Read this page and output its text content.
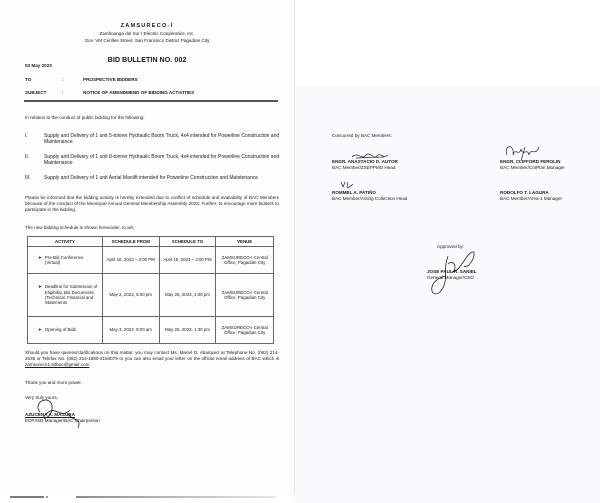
ZAMSURECO-I
Zamboanga del Sur I Electric Cooperative, Inc.
Gov. VM Cerilles Street, San Francisco District Pagadian City
BID BULLETIN NO. 002
03 May 2023
TO	:	PROSPECTIVE BIDDERS
SUBJECT	:	NOTICE OF AMENDMEND OF BIDDING ACTIVITIES
In relation to the conduct of public bidding for the following:
I.	Supply and Delivery of 1 unit 5-tonner Hydraulic Boom Truck, 4x4 intended for Powerline Construction and Maintenance
II.	Supply and Delivery of 1 unit 8-tonner Hydraulic Boom Truck, 4x4 intended for Powerline Construction and Maintenance
III.	Supply and Delivery of 1 unit Aerial Manlift intended for Powerline Construction and Maintenance
Please be informed that the bidding activity is hereby extended due to conflict of schedule and availability of BAC Members because of the conduct of the Municipal Annual General Membership Assembly 2023. Further, to encourage more bidders to participate in the bidding.
The new bidding schedule is shown hereunder, to wit;
ACTIVITY	SCHEDULE FROM	SCHEDULE TO	VENUE

➤ Pre-Bid Conference (Virtual)	April 18, 2023 – 3:00 PM	April 18, 2023 – 3:00 PM	ZAMSURECO-I Central Office, Pagadian City

➤ Deadline for Submission of Eligibility, Bid Documents (Technical, Financial and Statements	May 2, 2023, 5:00 pm	May 26, 2023, 1:00 pm	ZAMSURECO-I Central Office, Pagadian City

➤ Opening of Bids	May 3, 2023, 9:00 am	May 26, 2023, 1:30 pm	ZAMSURECO-I Central Office, Pagadian City
Should you have queries/clarifications on this matter, you may contact Ms. Mariel O. Abarquez at Telephone No. (062) 214-2635 or Telefax No. (062) 214-1880-2154079 or you can also email your letter on the official email address of BAC which is zamsureco1.50bac@gmail.com
Thank you and more power.
Very truly yours,
AZUCENA A. MAGURA
EDP/ISD Manager/BAC Chairperson
Concurred by BAC Members:
ENGR. ANASTACIO D. AUTOR
BAC Member/ZSEPPMD Head
ENGR. CLIFFORD FEROLIN
BAC Member/CorPlan Manager
ROMMEL A. PATIÑO
BAC Member/Acting Collection Head
RODOLFO T. LAGURA
BAC Member/Area-1 Manager
Approved by:
JOSE PAUL R. SANIEL
General Manager/CEO
